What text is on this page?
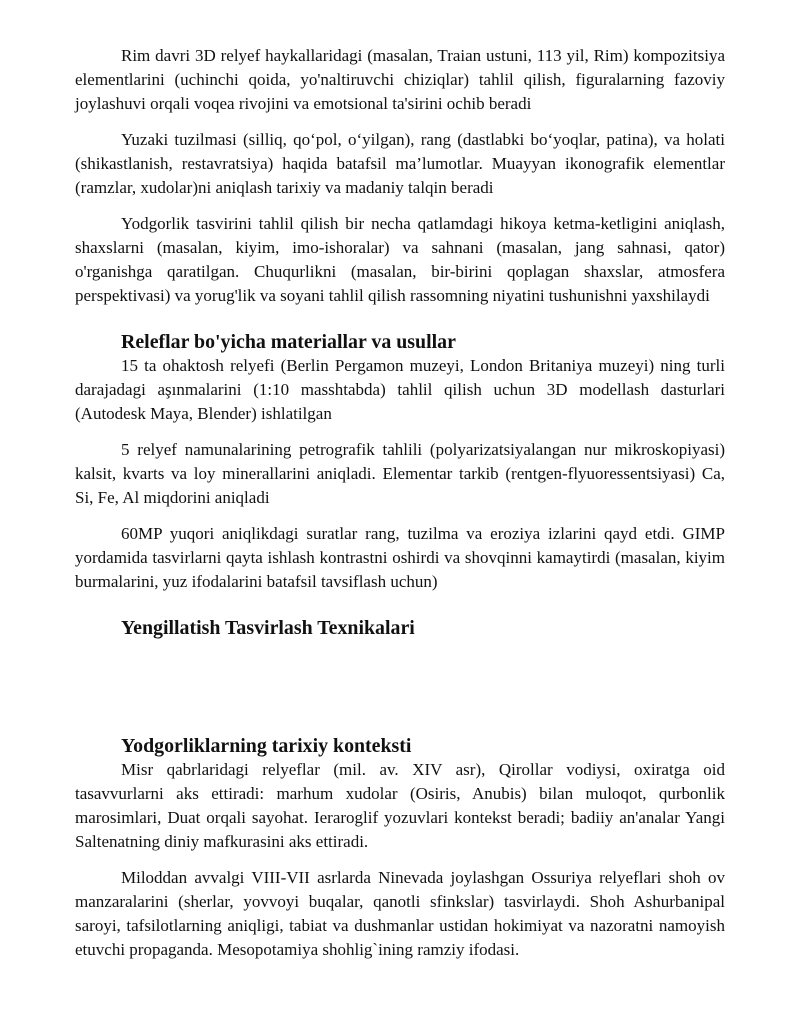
Rim davri 3D relyef haykallaridagi (masalan, Traian ustuni, 113 yil, Rim) kompozitsiya elementlarini (uchinchi qoida, yo'naltiruvchi chiziqlar) tahlil qilish, figuralarning fazoviy joylashuvi orqali voqea rivojini va emotsional ta'sirini ochib beradi

Yuzaki tuzilmasi (silliq, qo‘pol, o‘yilgan), rang (dastlabki bo‘yoqlar, patina), va holati (shikastlanish, restavratsiya) haqida batafsil ma’lumotlar. Muayyan ikonografik elementlar (ramzlar, xudolar)ni aniqlash tarixiy va madaniy talqin beradi

Yodgorlik tasvirini tahlil qilish bir necha qatlamdagi hikoya ketma-ketligini aniqlash, shaxslarni (masalan, kiyim, imo-ishoralar) va sahnani (masalan, jang sahnasi, qator) o'rganishga qaratilgan. Chuqurlikni (masalan, bir-birini qoplagan shaxslar, atmosfera perspektivasi) va yorug'lik va soyani tahlil qilish rassomning niyatini tushunishni yaxshilaydi

Releflar bo'yicha materiallar va usullar

15 ta ohaktosh relyefi (Berlin Pergamon muzeyi, London Britaniya muzeyi) ning turli darajadagi aşınmalarini (1:10 masshtabda) tahlil qilish uchun 3D modellash dasturlari (Autodesk Maya, Blender) ishlatilgan

5 relyef namunalarining petrografik tahlili (polyarizatsiyalangan nur mikroskopiyasi) kalsit, kvarts va loy minerallarini aniqladi. Elementar tarkib (rentgen-flyuoressentsiyasi) Ca, Si, Fe, Al miqdorini aniqladi

60MP yuqori aniqlikdagi suratlar rang, tuzilma va eroziya izlarini qayd etdi. GIMP yordamida tasvirlarni qayta ishlash kontrastni oshirdi va shovqinni kamaytirdi (masalan, kiyim burmalarini, yuz ifodalarini batafsil tavsiflash uchun)

Yengillatish Tasvirlash Texnikalari
Yodgorliklarning tarixiy konteksti

Misr qabrlaridagi relyeflar (mil. av. XIV asr), Qirollar vodiysi, oxiratga oid tasavvurlarni aks ettiradi: marhum xudolar (Osiris, Anubis) bilan muloqot, qurbonlik marosimlari, Duat orqali sayohat. Ieraroglif yozuvlari kontekst beradi; badiiy an'analar Yangi Saltenatning diniy mafkurasini aks ettiradi.

Miloddan avvalgi VIII-VII asrlarda Ninevada joylashgan Ossuriya relyeflari shoh ov manzaralarini (sherlar, yovvoyi buqalar, qanotli sfinkslar) tasvirlaydi. Shoh Ashurbanipal saroyi, tafsilotlarning aniqligi, tabiat va dushmanlar ustidan hokimiyat va nazoratni namoyish etuvchi propaganda. Mesopotamiya shohlig`ining ramziy ifodasi.
